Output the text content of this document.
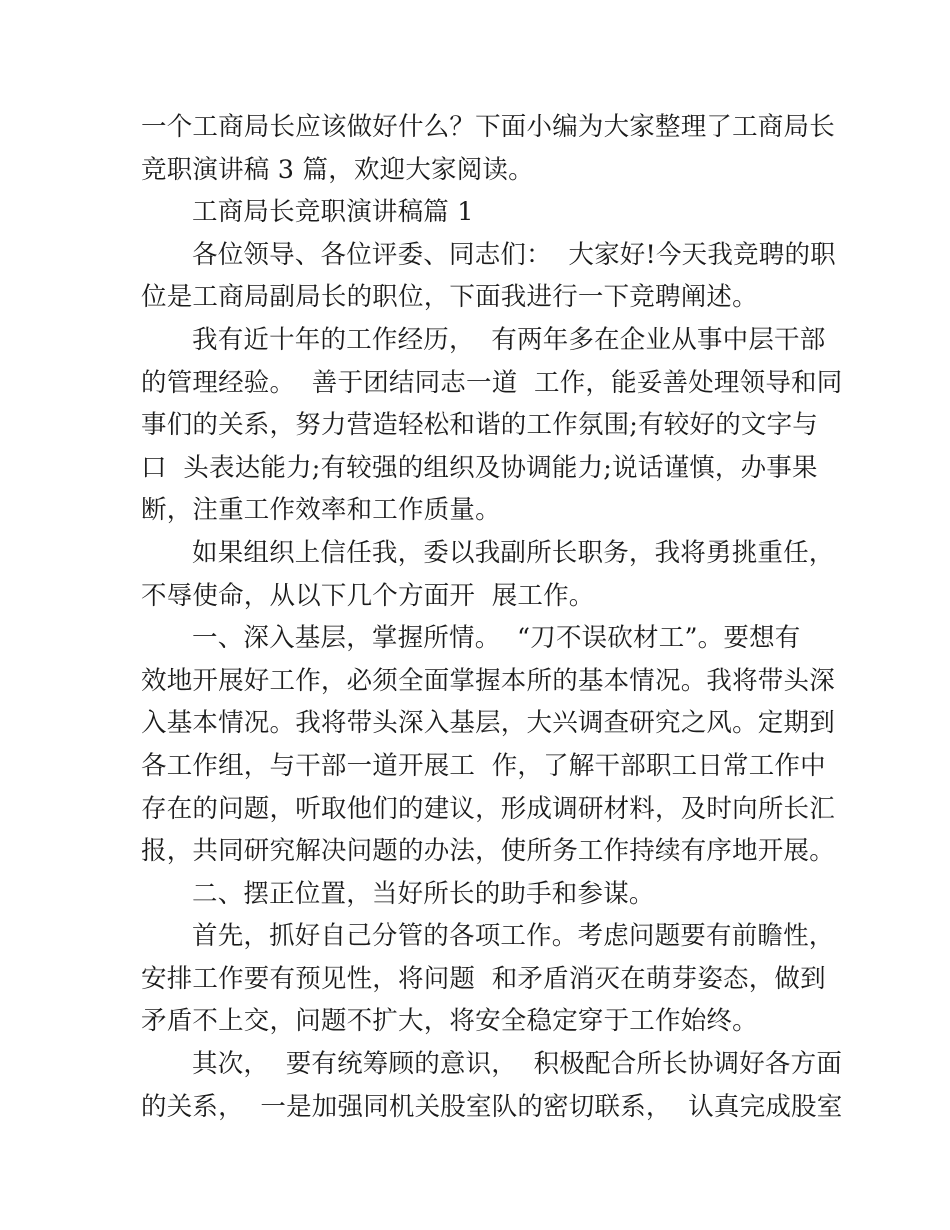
一个工商局长应该做好什么？下面小编为大家整理了工商局长
竞职演讲稿 3 篇，欢迎大家阅读。
工商局长竞职演讲稿篇 1
各位领导、各位评委、同志们：  大家好!今天我竞聘的职
位是工商局副局长的职位，下面我进行一下竞聘阐述。
我有近十年的工作经历，  有两年多在企业从事中层干部
的管理经验。  善于团结同志一道  工作，能妥善处理领导和同
事们的关系，努力营造轻松和谐的工作氛围;有较好的文字与
口  头表达能力;有较强的组织及协调能力;说话谨慎，办事果
断，注重工作效率和工作质量。
如果组织上信任我，委以我副所长职务，我将勇挑重任，
不辱使命，从以下几个方面开  展工作。
一、深入基层，掌握所情。  “刀不误砍材工”。要想有
效地开展好工作，必须全面掌握本所的基本情况。我将带头深
入基本情况。我将带头深入基层，大兴调查研究之风。定期到
各工作组，与干部一道开展工  作，了解干部职工日常工作中
存在的问题，听取他们的建议，形成调研材料，及时向所长汇
报，共同研究解决问题的办法，使所务工作持续有序地开展。
二、摆正位置，当好所长的助手和参谋。
首先，抓好自己分管的各项工作。考虑问题要有前瞻性，
安排工作要有预见性，将问题  和矛盾消灭在萌芽姿态，做到
矛盾不上交，问题不扩大，将安全稳定穿于工作始终。
其次，  要有统筹顾的意识，  积极配合所长协调好各方面
的关系，  一是加强同机关股室队的密切联系，  认真完成股室
